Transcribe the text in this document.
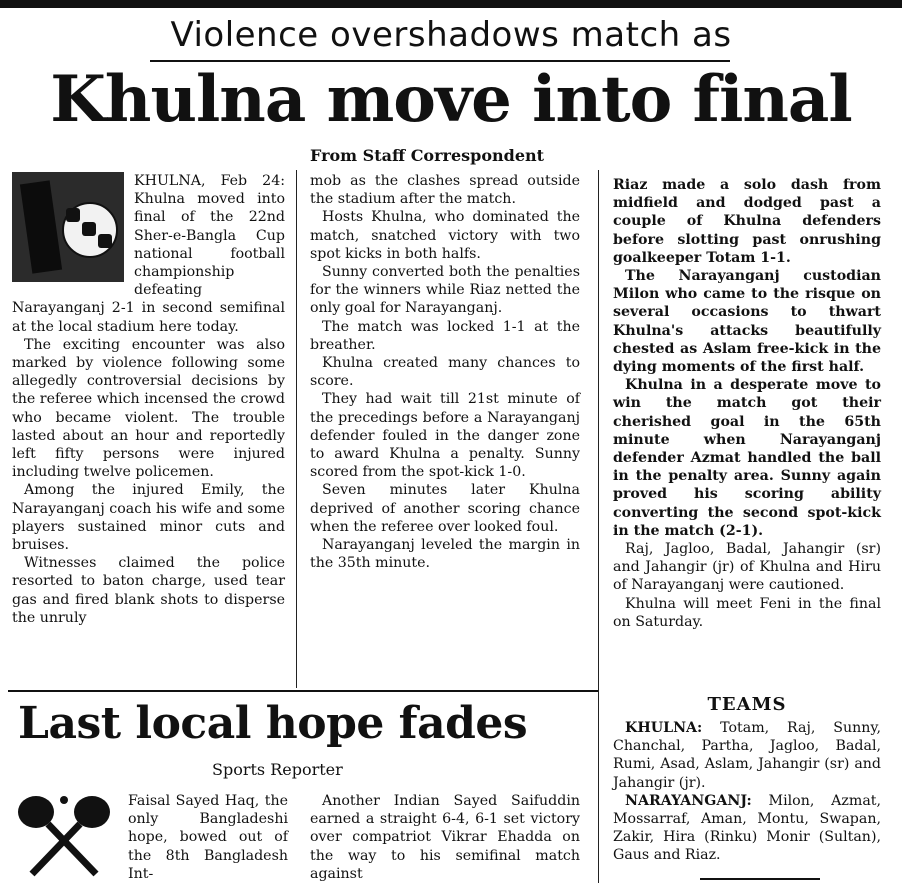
Violence overshadows match as
Khulna move into final
From Staff Correspondent

KHULNA, Feb 24: Khulna moved into final of the 22nd Sher-e-Bangla Cup national football championship defeating Narayanganj 2-1 in second semifinal at the local stadium here today.

The exciting encounter was also marked by violence following some allegedly controversial decisions by the referee which incensed the crowd who became violent. The trouble lasted about an hour and reportedly left fifty persons were injured including twelve policemen.

Among the injured Emily, the Narayanganj coach his wife and some players sustained minor cuts and bruises.

Witnesses claimed the police resorted to baton charge, used tear gas and fired blank shots to disperse the unruly

mob as the clashes spread outside the stadium after the match.

Hosts Khulna, who dominated the match, snatched victory with two spot kicks in both halfs.

Sunny converted both the penalties for the winners while Riaz netted the only goal for Narayanganj.

The match was locked 1-1 at the breather.

Khulna created many chances to score.

They had wait till 21st minute of the precedings before a Narayanganj defender fouled in the danger zone to award Khulna a penalty. Sunny scored from the spot-kick 1-0.

Seven minutes later Khulna deprived of another scoring chance when the referee over looked foul.

Narayanganj leveled the margin in the 35th minute.

Riaz made a solo dash from midfield and dodged past a couple of Khulna defenders before slotting past onrushing goalkeeper Totam 1-1.

The Narayanganj custodian Milon who came to the risque on several occasions to thwart Khulna's attacks beautifully chested as Aslam free-kick in the dying moments of the first half.

Khulna in a desperate move to win the match got their cherished goal in the 65th minute when Narayanganj defender Azmat handled the ball in the penalty area. Sunny again proved his scoring ability converting the second spot-kick in the match (2-1).

Raj, Jagloo, Badal, Jahangir (sr) and Jahangir (jr) of Khulna and Hiru of Narayanganj were cautioned.

Khulna will meet Feni in the final on Saturday.

TEAMS

KHULNA: Totam, Raj, Sunny, Chanchal, Partha, Jagloo, Badal, Rumi, Asad, Aslam, Jahangir (sr) and Jahangir (jr).

NARAYANGANJ: Milon, Azmat, Mossarraf, Aman, Montu, Swapan, Zakir, Hira (Rinku) Monir (Sultan), Gaus and Riaz.

Last local hope fades
Sports Reporter

Faisal Sayed Haq, the only Bangladeshi hope, bowed out of the 8th Bangladesh Int-

Another Indian Sayed Saifuddin earned a straight 6-4, 6-1 set victory over compatriot Vikrar Ehadda on the way to his semifinal match against
